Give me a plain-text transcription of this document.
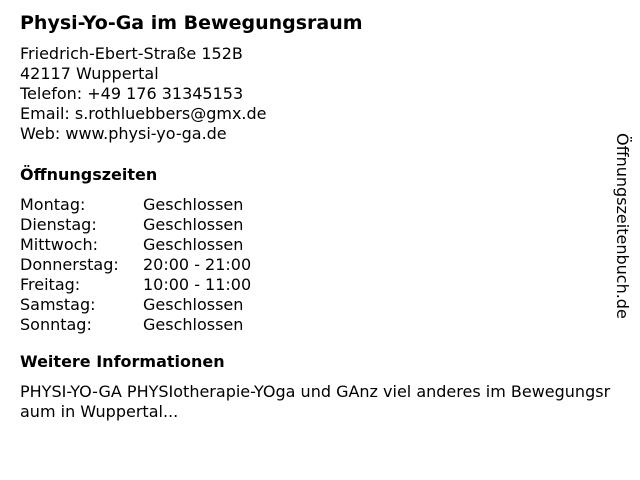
Physi-Yo-Ga im Bewegungsraum
Friedrich-Ebert-Straße 152B
42117 Wuppertal
Telefon: +49 176 31345153
Email: s.rothluebbers@gmx.de
Web: www.physi-yo-ga.de
Öffnungszeiten
Montag:	Geschlossen
Dienstag:	Geschlossen
Mittwoch:	Geschlossen
Donnerstag:	20:00 - 21:00
Freitag:	10:00 - 11:00
Samstag:	Geschlossen
Sonntag:	Geschlossen
Weitere Informationen
PHYSI-YO-GA PHYSIotherapie-YOga und GAnz viel anderes im Bewegungsraum in Wuppertal...
Öffnungszeitenbuch.de
